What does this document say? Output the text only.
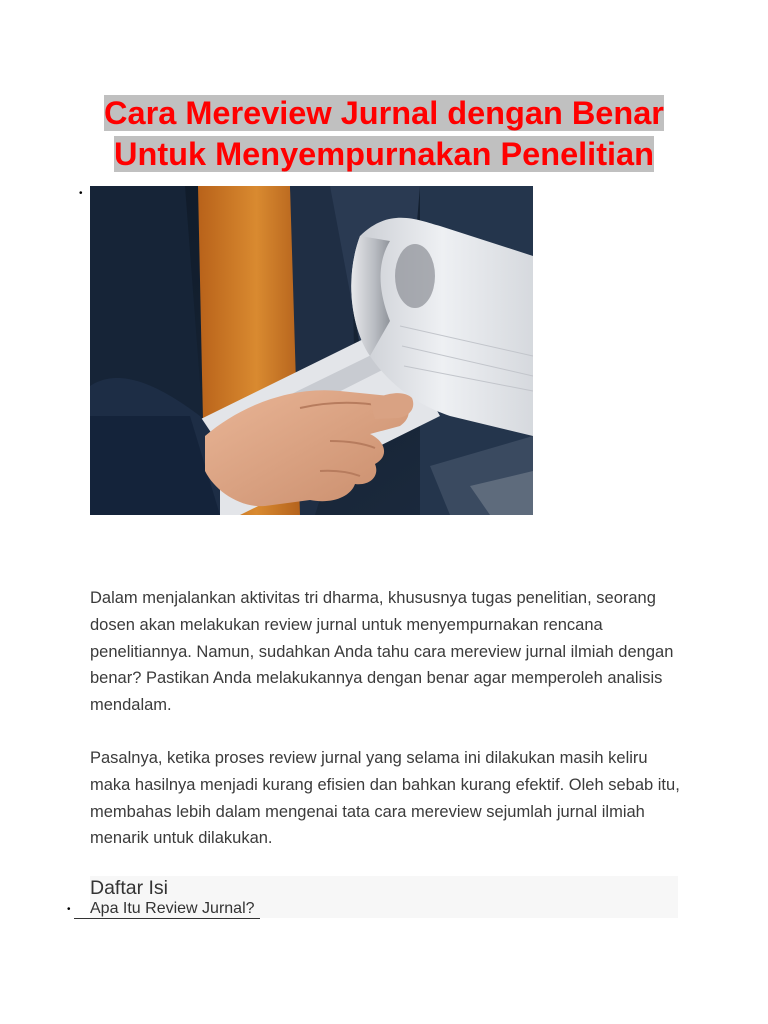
Cara Mereview Jurnal dengan Benar
Untuk Menyempurnakan Penelitian
•

Dalam menjalankan aktivitas tri dharma, khususnya tugas penelitian, seorang dosen akan melakukan review jurnal untuk menyempurnakan rencana penelitiannya. Namun, sudahkan Anda tahu cara mereview jurnal ilmiah dengan benar? Pastikan Anda melakukannya dengan benar agar memperoleh analisis mendalam.

Pasalnya, ketika proses review jurnal yang selama ini dilakukan masih keliru maka hasilnya menjadi kurang efisien dan bahkan kurang efektif. Oleh sebab itu, membahas lebih dalam mengenai tata cara mereview sejumlah jurnal ilmiah menarik untuk dilakukan.

Daftar Isi
•	Apa Itu Review Jurnal?
